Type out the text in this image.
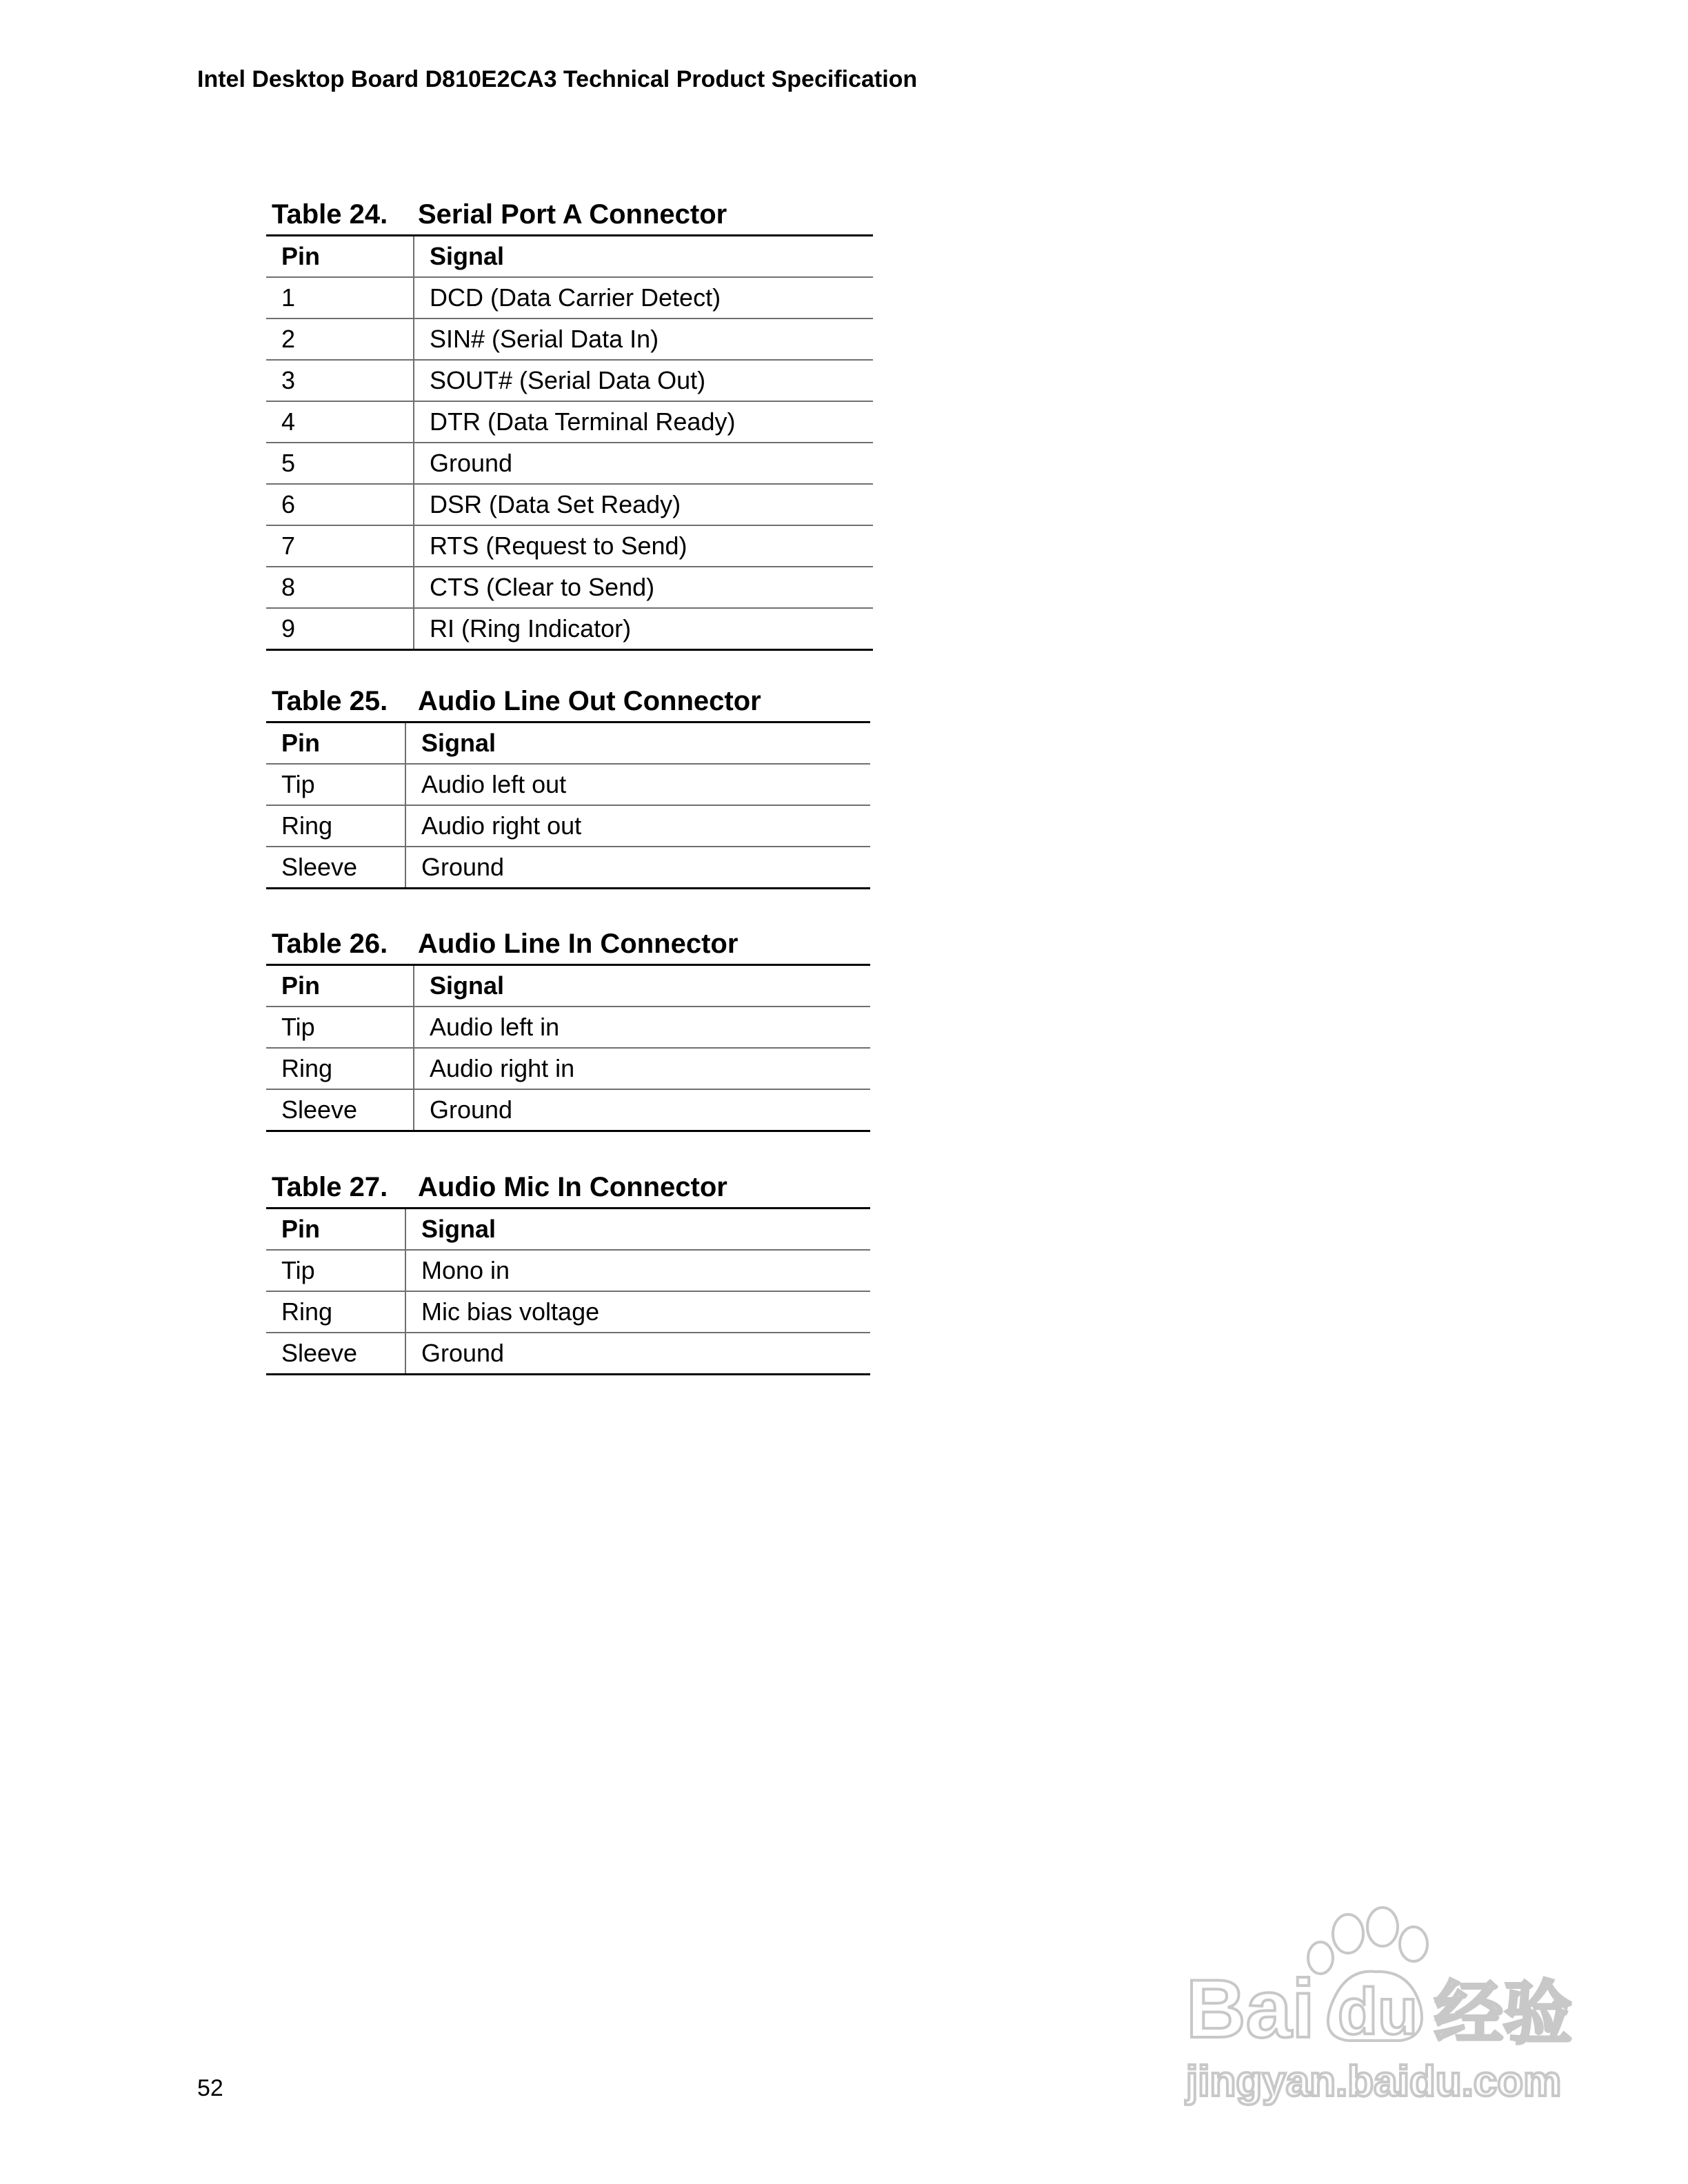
Intel Desktop Board D810E2CA3 Technical Product Specification
Table 24. Serial Port A Connector
Pin	Signal
1	DCD (Data Carrier Detect)
2	SIN# (Serial Data In)
3	SOUT# (Serial Data Out)
4	DTR (Data Terminal Ready)
5	Ground
6	DSR (Data Set Ready)
7	RTS (Request to Send)
8	CTS (Clear to Send)
9	RI (Ring Indicator)
Table 25. Audio Line Out Connector
Pin	Signal
Tip	Audio left out
Ring	Audio right out
Sleeve	Ground
Table 26. Audio Line In Connector
Pin	Signal
Tip	Audio left in
Ring	Audio right in
Sleeve	Ground
Table 27. Audio Mic In Connector
Pin	Signal
Tip	Mono in
Ring	Mic bias voltage
Sleeve	Ground
52
Bai du 经验
jingyan.baidu.com
